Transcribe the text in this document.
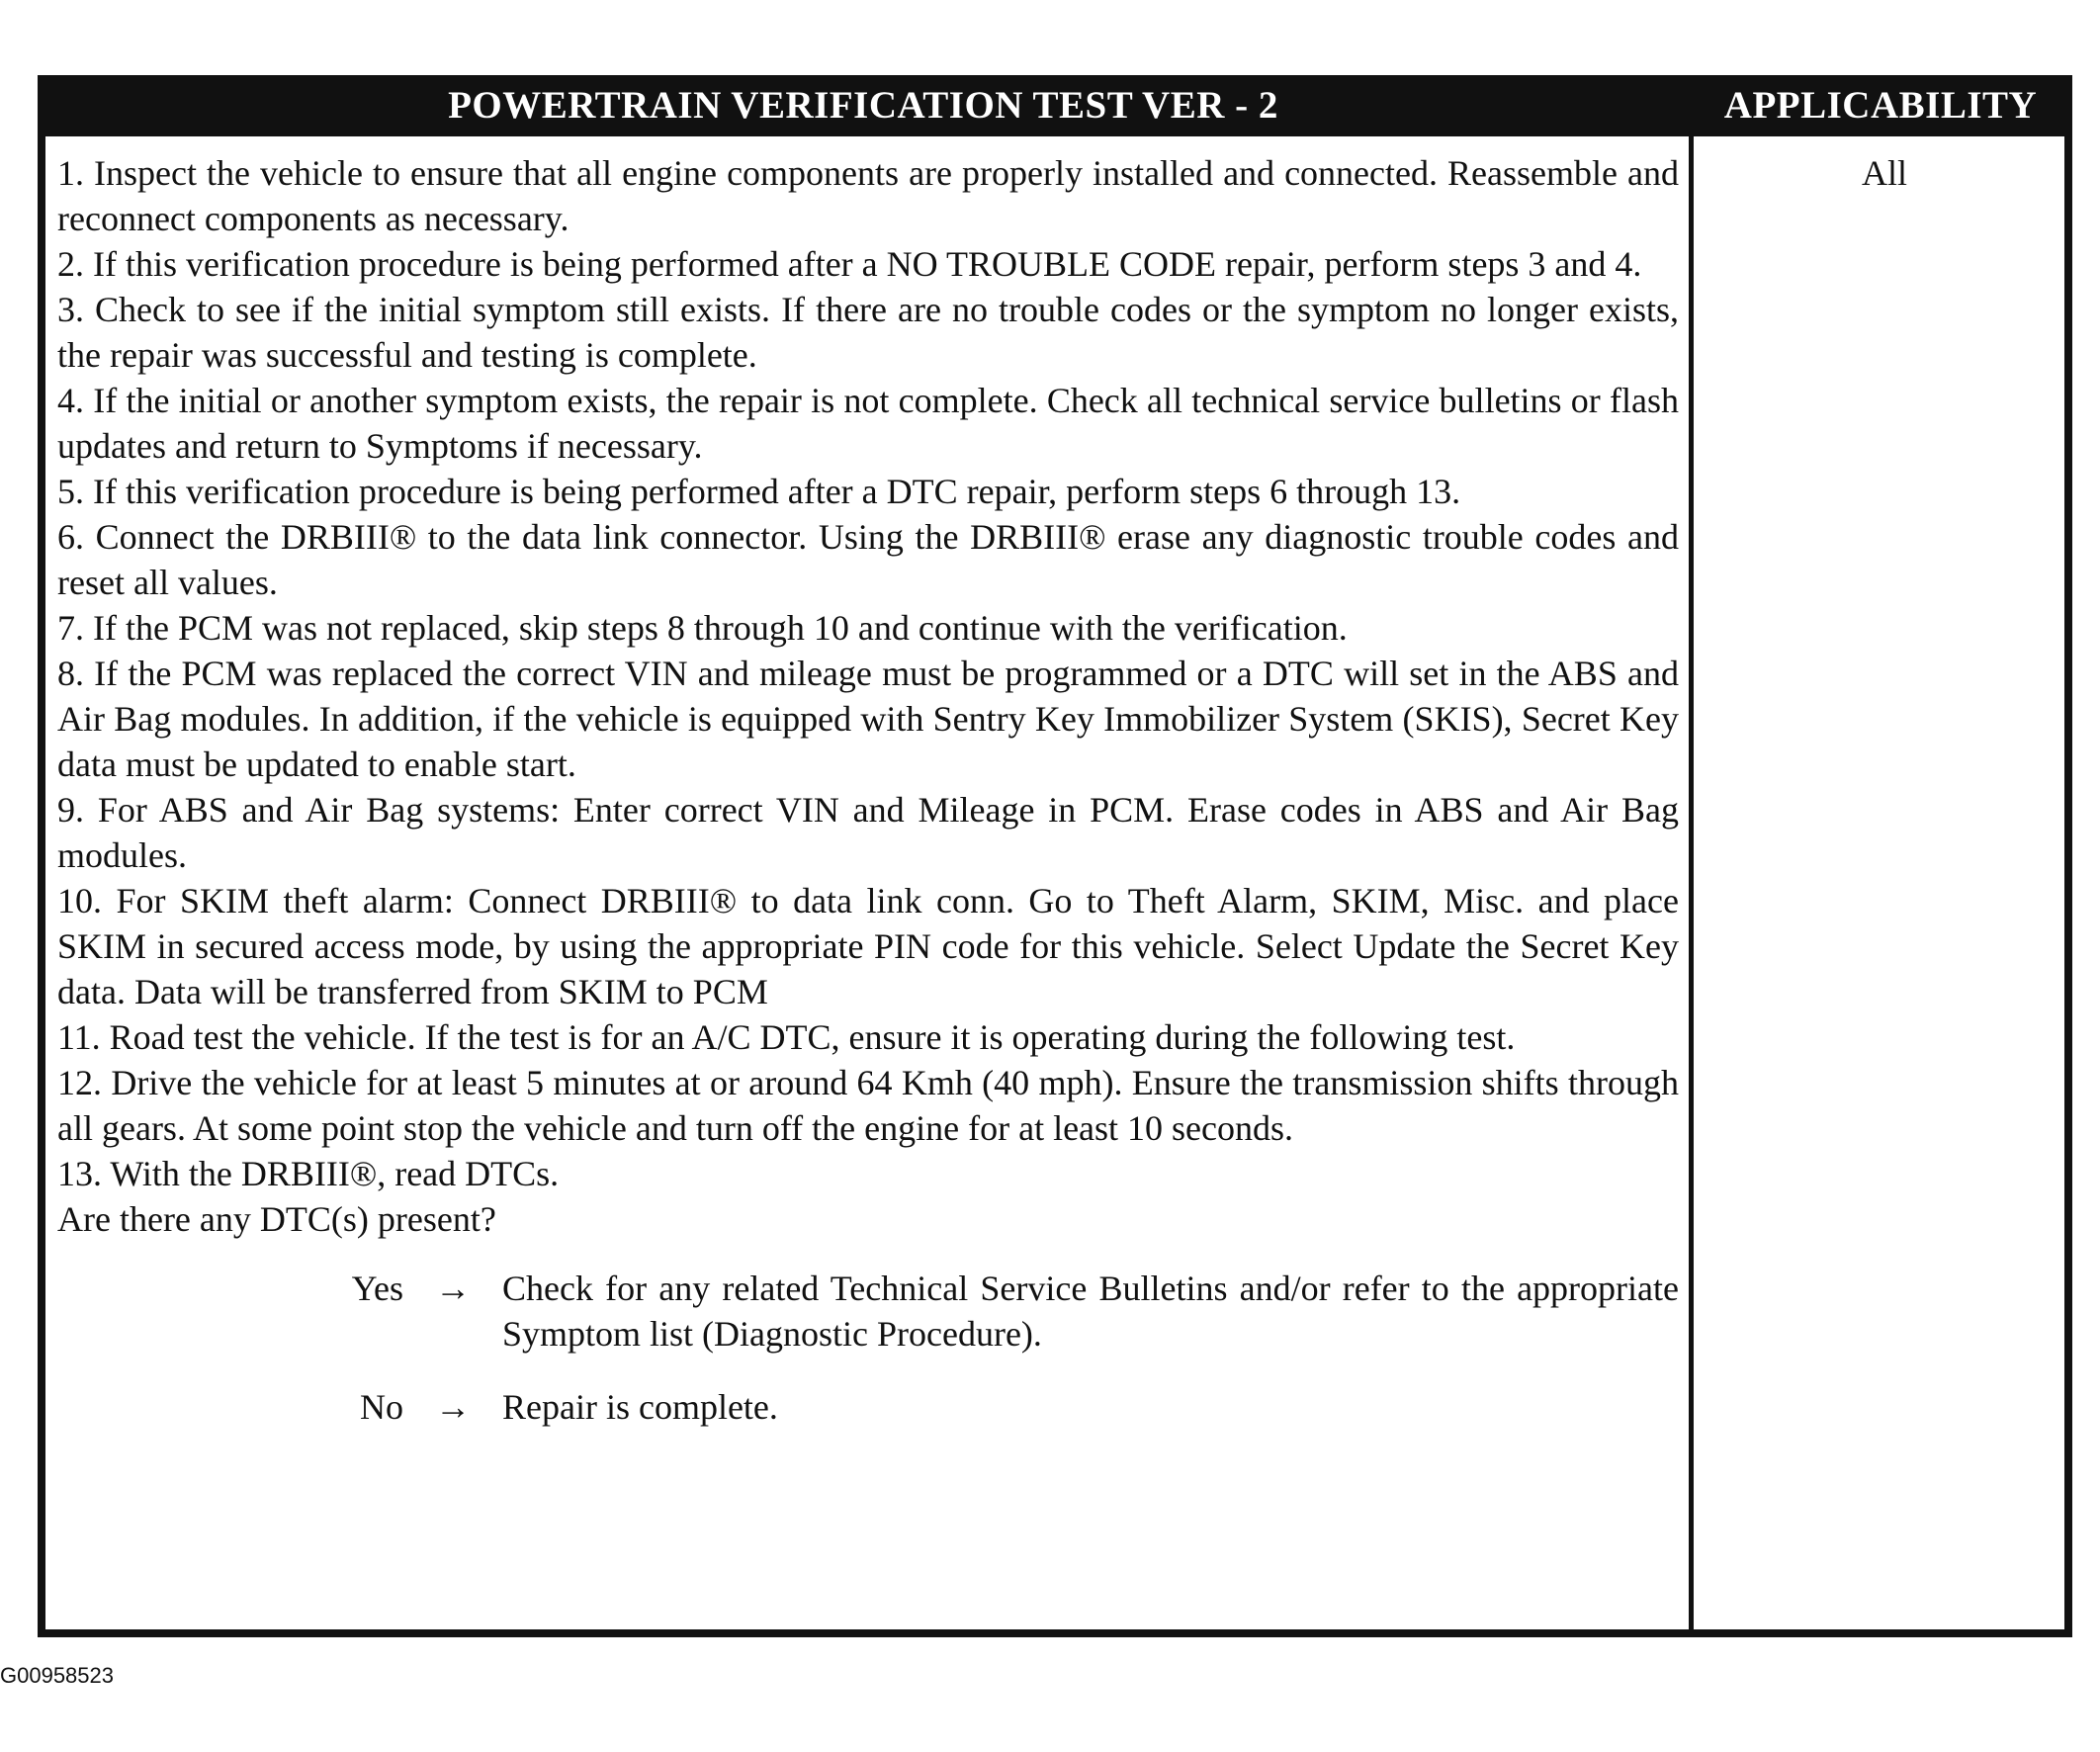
POWERTRAIN VERIFICATION TEST VER - 2	APPLICABILITY

1. Inspect the vehicle to ensure that all engine components are properly installed and connected. Reassemble and reconnect components as necessary.

2. If this verification procedure is being performed after a NO TROUBLE CODE repair, perform steps 3 and 4.

3. Check to see if the initial symptom still exists. If there are no trouble codes or the symptom no longer exists, the repair was successful and testing is complete.

4. If the initial or another symptom exists, the repair is not complete. Check all technical service bulletins or flash updates and return to Symptoms if necessary.

5. If this verification procedure is being performed after a DTC repair, perform steps 6 through 13.

6. Connect the DRBIII® to the data link connector. Using the DRBIII® erase any diagnostic trouble codes and reset all values.

7. If the PCM was not replaced, skip steps 8 through 10 and continue with the verification.

8. If the PCM was replaced the correct VIN and mileage must be programmed or a DTC will set in the ABS and Air Bag modules. In addition, if the vehicle is equipped with Sentry Key Immobilizer System (SKIS), Secret Key data must be updated to enable start.

9. For ABS and Air Bag systems: Enter correct VIN and Mileage in PCM. Erase codes in ABS and Air Bag modules.

10. For SKIM theft alarm: Connect DRBIII® to data link conn. Go to Theft Alarm, SKIM, Misc. and place SKIM in secured access mode, by using the appropriate PIN code for this vehicle. Select Update the Secret Key data. Data will be transferred from SKIM to PCM

11. Road test the vehicle. If the test is for an A/C DTC, ensure it is operating during the following test.

12. Drive the vehicle for at least 5 minutes at or around 64 Kmh (40 mph). Ensure the transmission shifts through all gears. At some point stop the vehicle and turn off the engine for at least 10 seconds.

13. With the DRBIII®, read DTCs.

Are there any DTC(s) present?

Yes → Check for any related Technical Service Bulletins and/or refer to the appropriate Symptom list (Diagnostic Procedure).
No → Repair is complete.
All
G00958523
